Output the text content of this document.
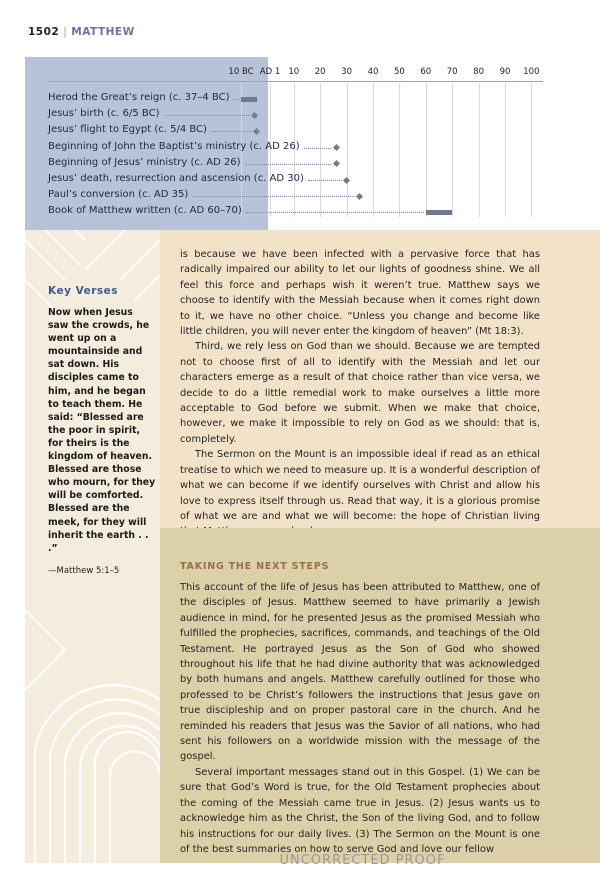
1502 | MATTHEW
10 BC AD 1 10 20 30 40 50 60 70 80 90 100
Herod the Great’s reign (c. 37–4 BC)
Jesus’ birth (c. 6/5 BC)
Jesus’ flight to Egypt (c. 5/4 BC)
Beginning of John the Baptist’s ministry (c. AD 26)
Beginning of Jesus’ ministry (c. AD 26)
Jesus’ death, resurrection and ascension (c. AD 30)
Paul’s conversion (c. AD 35)
Book of Matthew written (c. AD 60–70)
Key Verses
Now when Jesus saw the crowds, he went up on a mountainside and sat down. His disciples came to him, and he began to teach them. He said: “Blessed are the poor in spirit, for theirs is the kingdom of heaven. Blessed are those who mourn, for they will be comforted. Blessed are the meek, for they will inherit the earth . . .”
—Matthew 5:1–5

is because we have been infected with a pervasive force that has radically impaired our ability to let our lights of goodness shine. We all feel this force and perhaps wish it weren’t true. Matthew says we choose to identify with the Messiah because when it comes right down to it, we have no other choice. “Unless you change and become like little children, you will never enter the kingdom of heaven” (Mt 18:3).

Third, we rely less on God than we should. Because we are tempted not to choose first of all to identify with the Messiah and let our characters emerge as a result of that choice rather than vice versa, we decide to do a little remedial work to make ourselves a little more acceptable to God before we submit. When we make that choice, however, we make it impossible to rely on God as we should: that is, completely.

The Sermon on the Mount is an impossible ideal if read as an ethical treatise to which we need to measure up. It is a wonderful description of what we can become if we identify ourselves with Christ and allow his love to express itself through us. Read that way, it is a glorious promise of what we are and what we will become: the hope of Christian living

TAKING THE NEXT STEPS

This account of the life of Jesus has been attributed to Matthew, one of the disciples of Jesus. Matthew seemed to have primarily a Jewish audience in mind, for he presented Jesus as the promised Messiah who fulfilled the prophecies, sacrifices, commands, and teachings of the Old Testament. He portrayed Jesus as the Son of God who showed throughout his life that he had divine authority that was acknowledged by both humans and angels. Matthew carefully outlined for those who professed to be Christ’s followers the instructions that Jesus gave on true discipleship and on proper pastoral care in the church. And he reminded his readers that Jesus was the Savior of all nations, who had sent his followers on a worldwide mission with the message of the gospel.

Several important messages stand out in this Gospel. (1) We can be sure that God’s Word is true, for the Old Testament prophecies about the coming of the Messiah came true in Jesus. (2) Jesus wants us to acknowledge him as the Christ, the Son of the living God, and to follow his instructions for our daily lives. (3) The Sermon on the Mount is one of the best summaries on how to serve God and love our fellow

UNCORRECTED PROOF
